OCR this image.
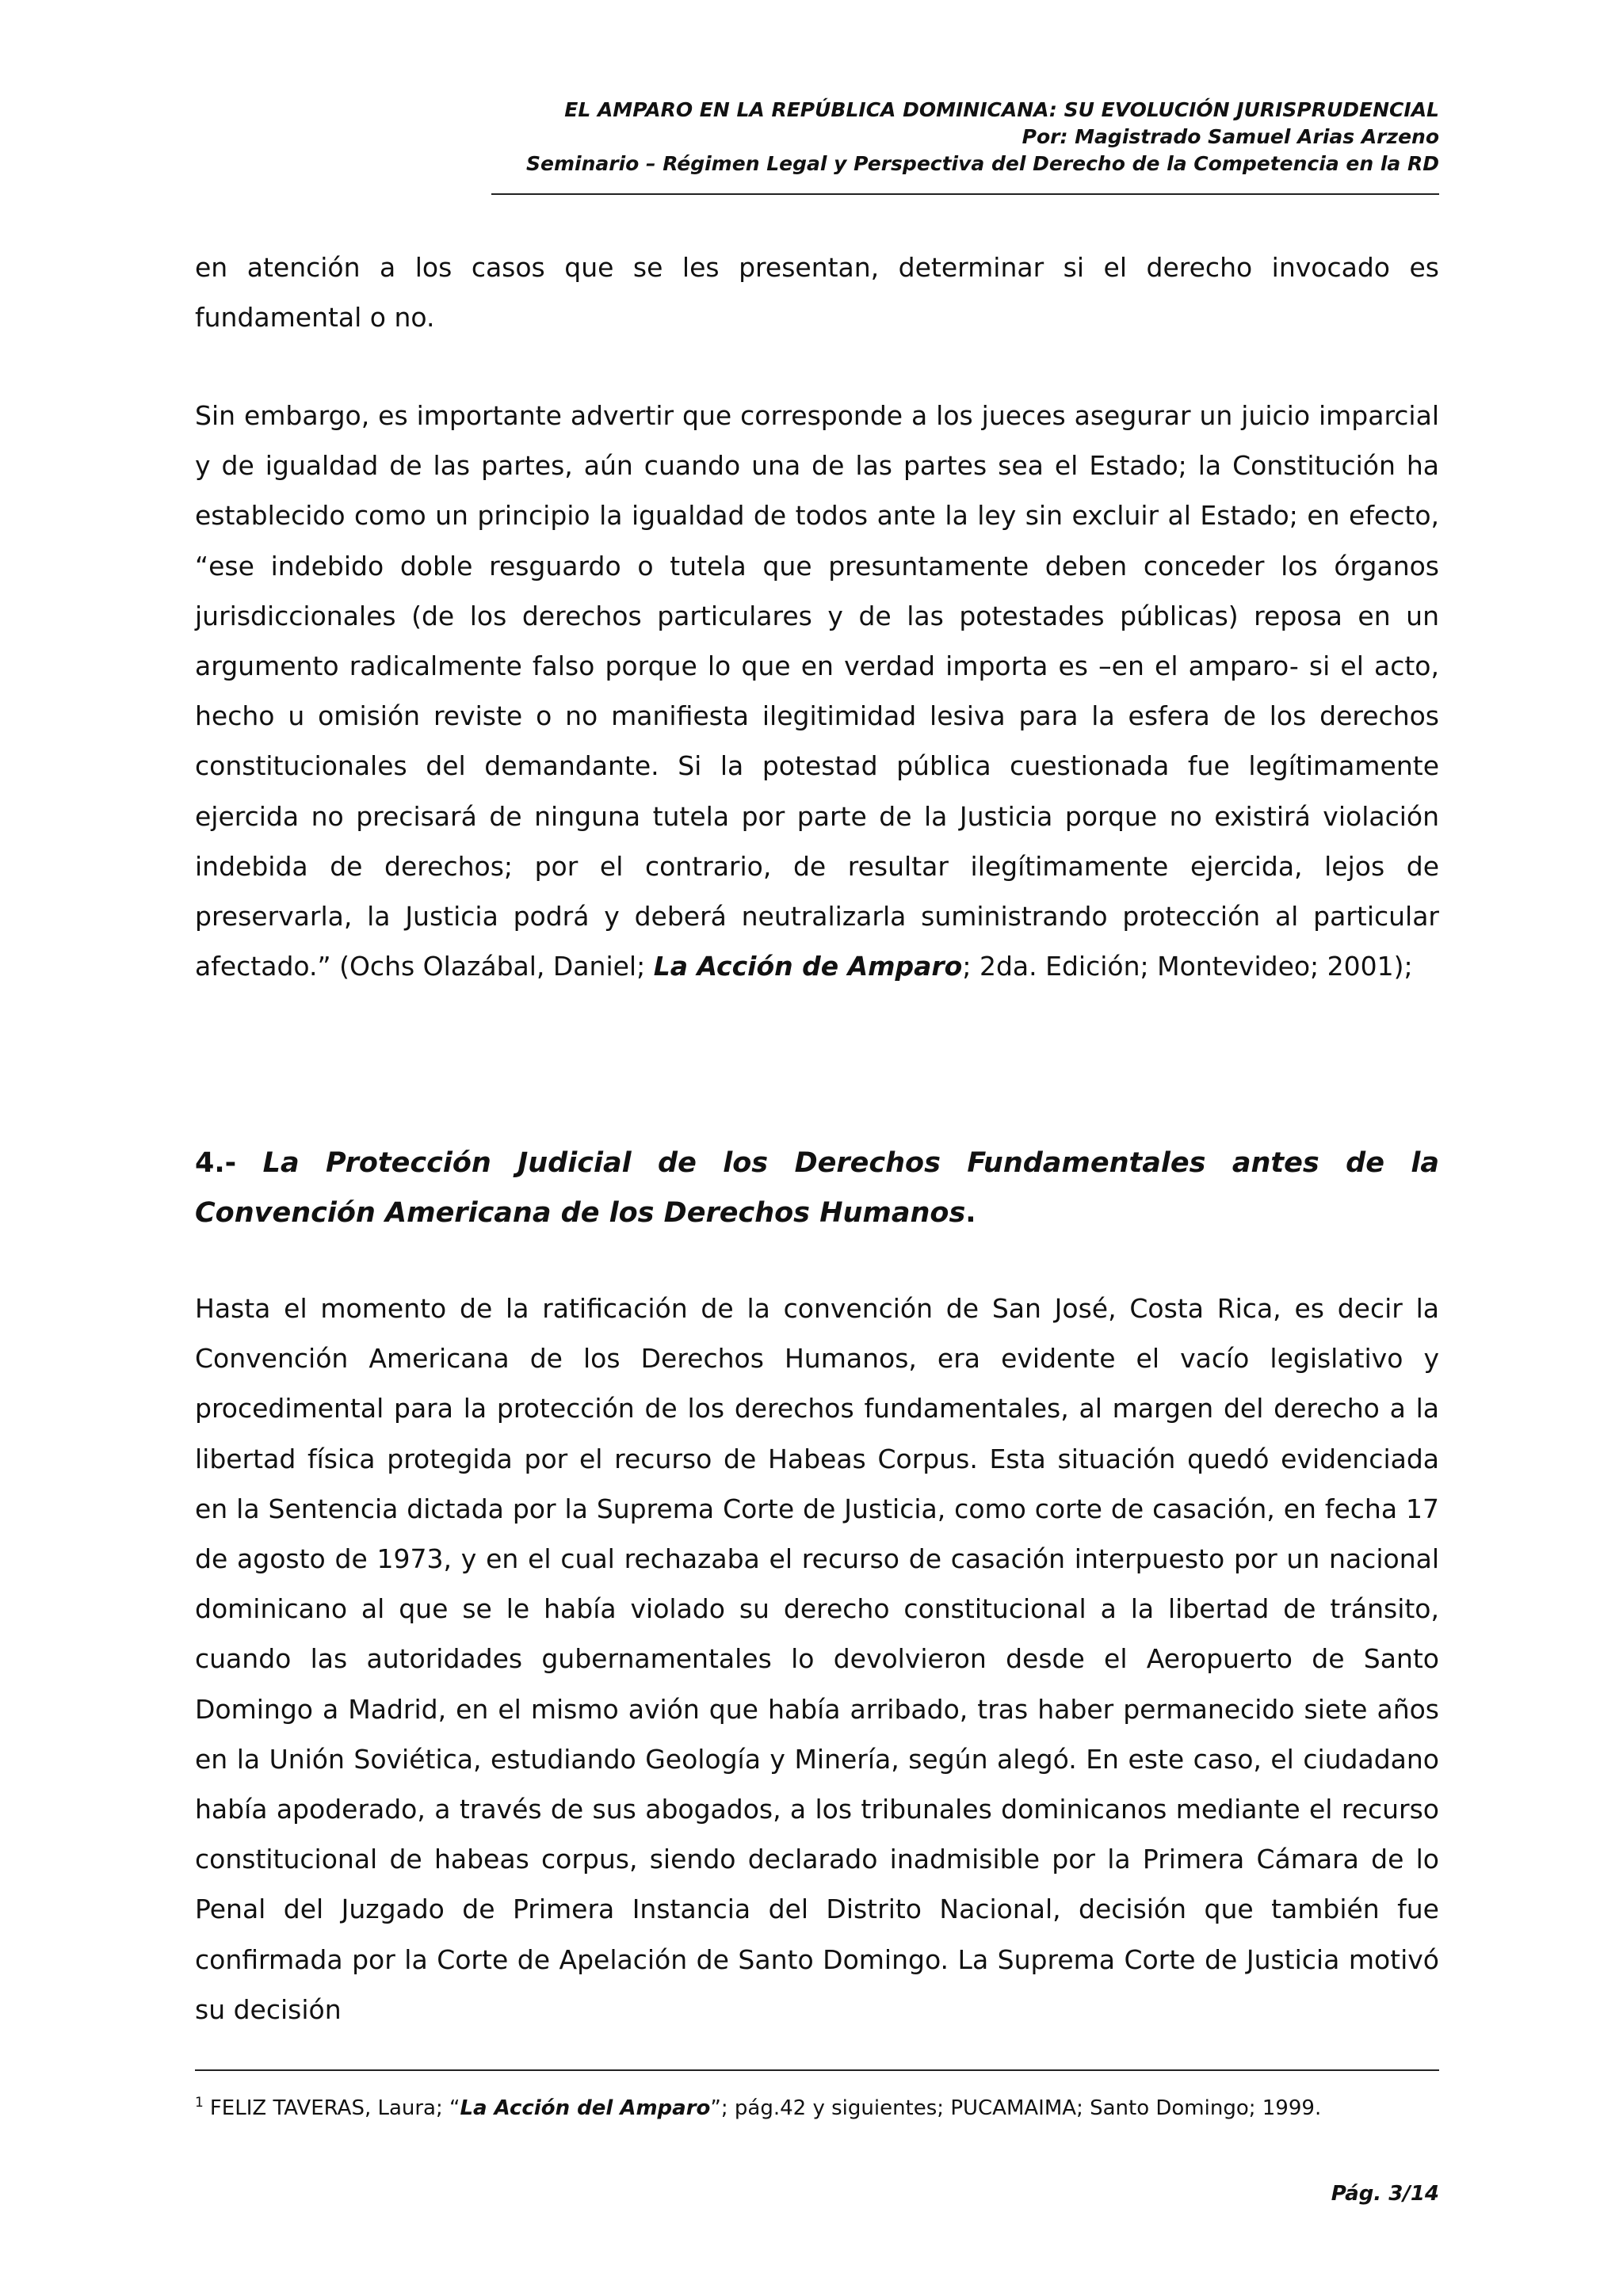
EL AMPARO EN LA REPÚBLICA DOMINICANA: SU EVOLUCIÓN JURISPRUDENCIAL
Por: Magistrado Samuel Arias Arzeno
Seminario – Régimen Legal y Perspectiva del Derecho de la Competencia en la RD

en atención a los casos que se les presentan, determinar si el derecho invocado es fundamental o no.

Sin embargo, es importante advertir que corresponde a los jueces asegurar un juicio imparcial y de igualdad de las partes, aún cuando una de las partes sea el Estado; la Constitución ha establecido como un principio la igualdad de todos ante la ley sin excluir al Estado; en efecto, “ese indebido doble resguardo o tutela que presuntamente deben conceder los órganos jurisdiccionales (de los derechos particulares y de las potestades públicas) reposa en un argumento radicalmente falso porque lo que en verdad importa es –en el amparo- si el acto, hecho u omisión reviste o no manifiesta ilegitimidad lesiva para la esfera de los derechos constitucionales del demandante. Si la potestad pública cuestionada fue legítimamente ejercida no precisará de ninguna tutela por parte de la Justicia porque no existirá violación indebida de derechos; por el contrario, de resultar ilegítimamente ejercida, lejos de preservarla, la Justicia podrá y deberá neutralizarla suministrando protección al particular afectado.” (Ochs Olazábal, Daniel; La Acción de Amparo; 2da. Edición; Montevideo; 2001);

4.- La Protección Judicial de los Derechos Fundamentales antes de la Convención Americana de los Derechos Humanos.

Hasta el momento de la ratificación de la convención de San José, Costa Rica, es decir la Convención Americana de los Derechos Humanos, era evidente el vacío legislativo y procedimental para la protección de los derechos fundamentales, al margen del derecho a la libertad física protegida por el recurso de Habeas Corpus. Esta situación quedó evidenciada en la Sentencia dictada por la Suprema Corte de Justicia, como corte de casación, en fecha 17 de agosto de 1973, y en el cual rechazaba el recurso de casación interpuesto por un nacional dominicano al que se le había violado su derecho constitucional a la libertad de tránsito, cuando las autoridades gubernamentales lo devolvieron desde el Aeropuerto de Santo Domingo a Madrid, en el mismo avión que había arribado, tras haber permanecido siete años en la Unión Soviética, estudiando Geología y Minería, según alegó. En este caso, el ciudadano había apoderado, a través de sus abogados, a los tribunales dominicanos mediante el recurso constitucional de habeas corpus, siendo declarado inadmisible por la Primera Cámara de lo Penal del Juzgado de Primera Instancia del Distrito Nacional, decisión que también fue confirmada por la Corte de Apelación de Santo Domingo. La Suprema Corte de Justicia motivó su decisión

$^1$ FELIZ TAVERAS, Laura; “La Acción del Amparo”; pág.42 y siguientes; PUCAMAIMA; Santo Domingo; 1999.
Pág. 3/14
